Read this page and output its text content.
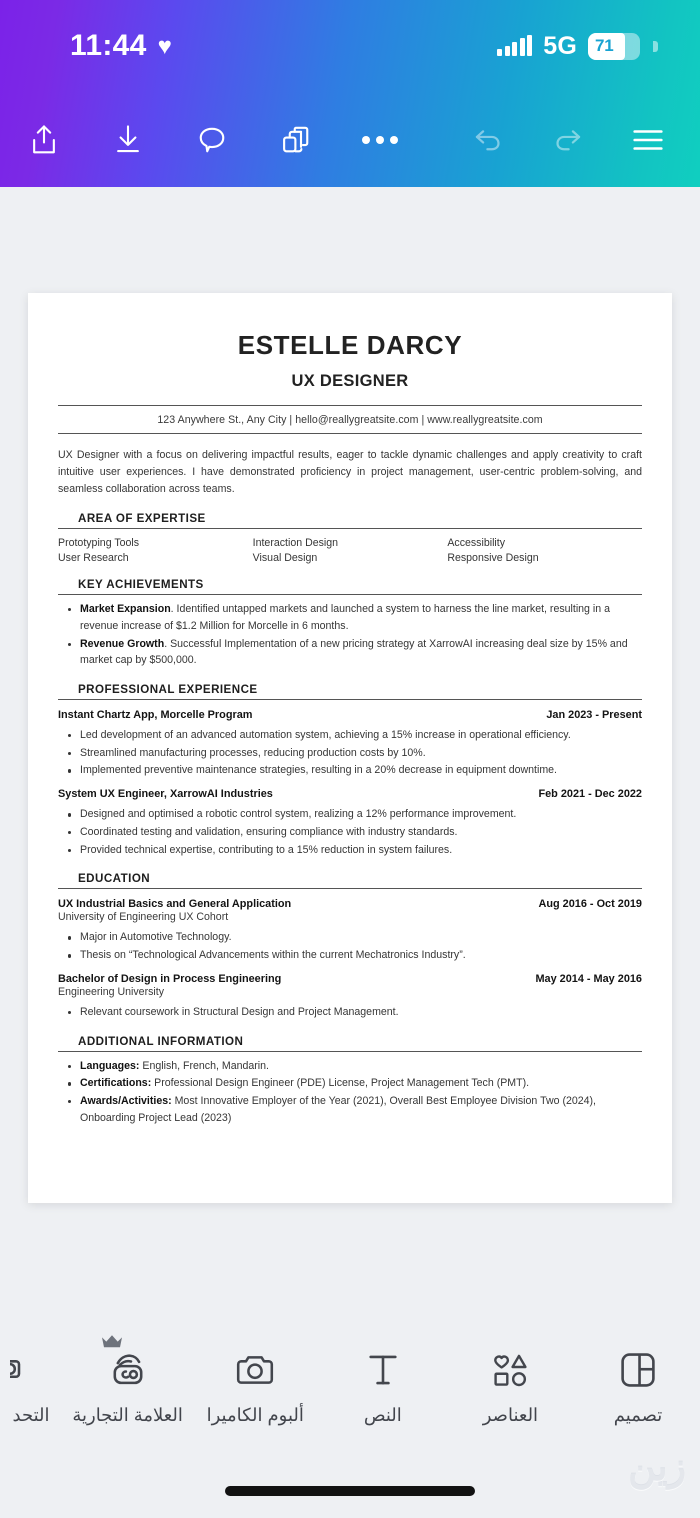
11:44 ♥	5G	71
ESTELLE DARCY
UX DESIGNER
123 Anywhere St., Any City | hello@reallygreatsite.com | www.reallygreatsite.com
UX Designer with a focus on delivering impactful results, eager to tackle dynamic challenges and apply creativity to craft intuitive user experiences. I have demonstrated proficiency in project management, user-centric problem-solving, and seamless collaboration across teams.
AREA OF EXPERTISE
Prototyping Tools	Interaction Design	Accessibility
User Research	Visual Design	Responsive Design
KEY ACHIEVEMENTS
Market Expansion. Identified untapped markets and launched a system to harness the line market, resulting in a revenue increase of $1.2 Million for Morcelle in 6 months.
Revenue Growth. Successful Implementation of a new pricing strategy at XarrowAI increasing deal size by 15% and market cap by $500,000.
PROFESSIONAL EXPERIENCE
Instant Chartz App, Morcelle Program	Jan 2023 - Present
Led development of an advanced automation system, achieving a 15% increase in operational efficiency.
Streamlined manufacturing processes, reducing production costs by 10%.
Implemented preventive maintenance strategies, resulting in a 20% decrease in equipment downtime.
System UX Engineer, XarrowAI Industries	Feb 2021 - Dec 2022
Designed and optimised a robotic control system, realizing a 12% performance improvement.
Coordinated testing and validation, ensuring compliance with industry standards.
Provided technical expertise, contributing to a 15% reduction in system failures.
EDUCATION
UX Industrial Basics and General Application	Aug 2016 - Oct 2019
University of Engineering UX Cohort
Major in Automotive Technology.
Thesis on “Technological Advancements within the current Mechatronics Industry”.
Bachelor of Design in Process Engineering	May 2014 - May 2016
Engineering University
Relevant coursework in Structural Design and Project Management.
ADDITIONAL INFORMATION
Languages: English, French, Mandarin.
Certifications: Professional Design Engineer (PDE) License, Project Management Tech (PMT).
Awards/Activities: Most Innovative Employer of the Year (2021), Overall Best Employee Division Two (2024), Onboarding Project Lead (2023)
تصميم
العناصر
النص
ألبوم الكاميرا
العلامة التجارية
التحد
زين
